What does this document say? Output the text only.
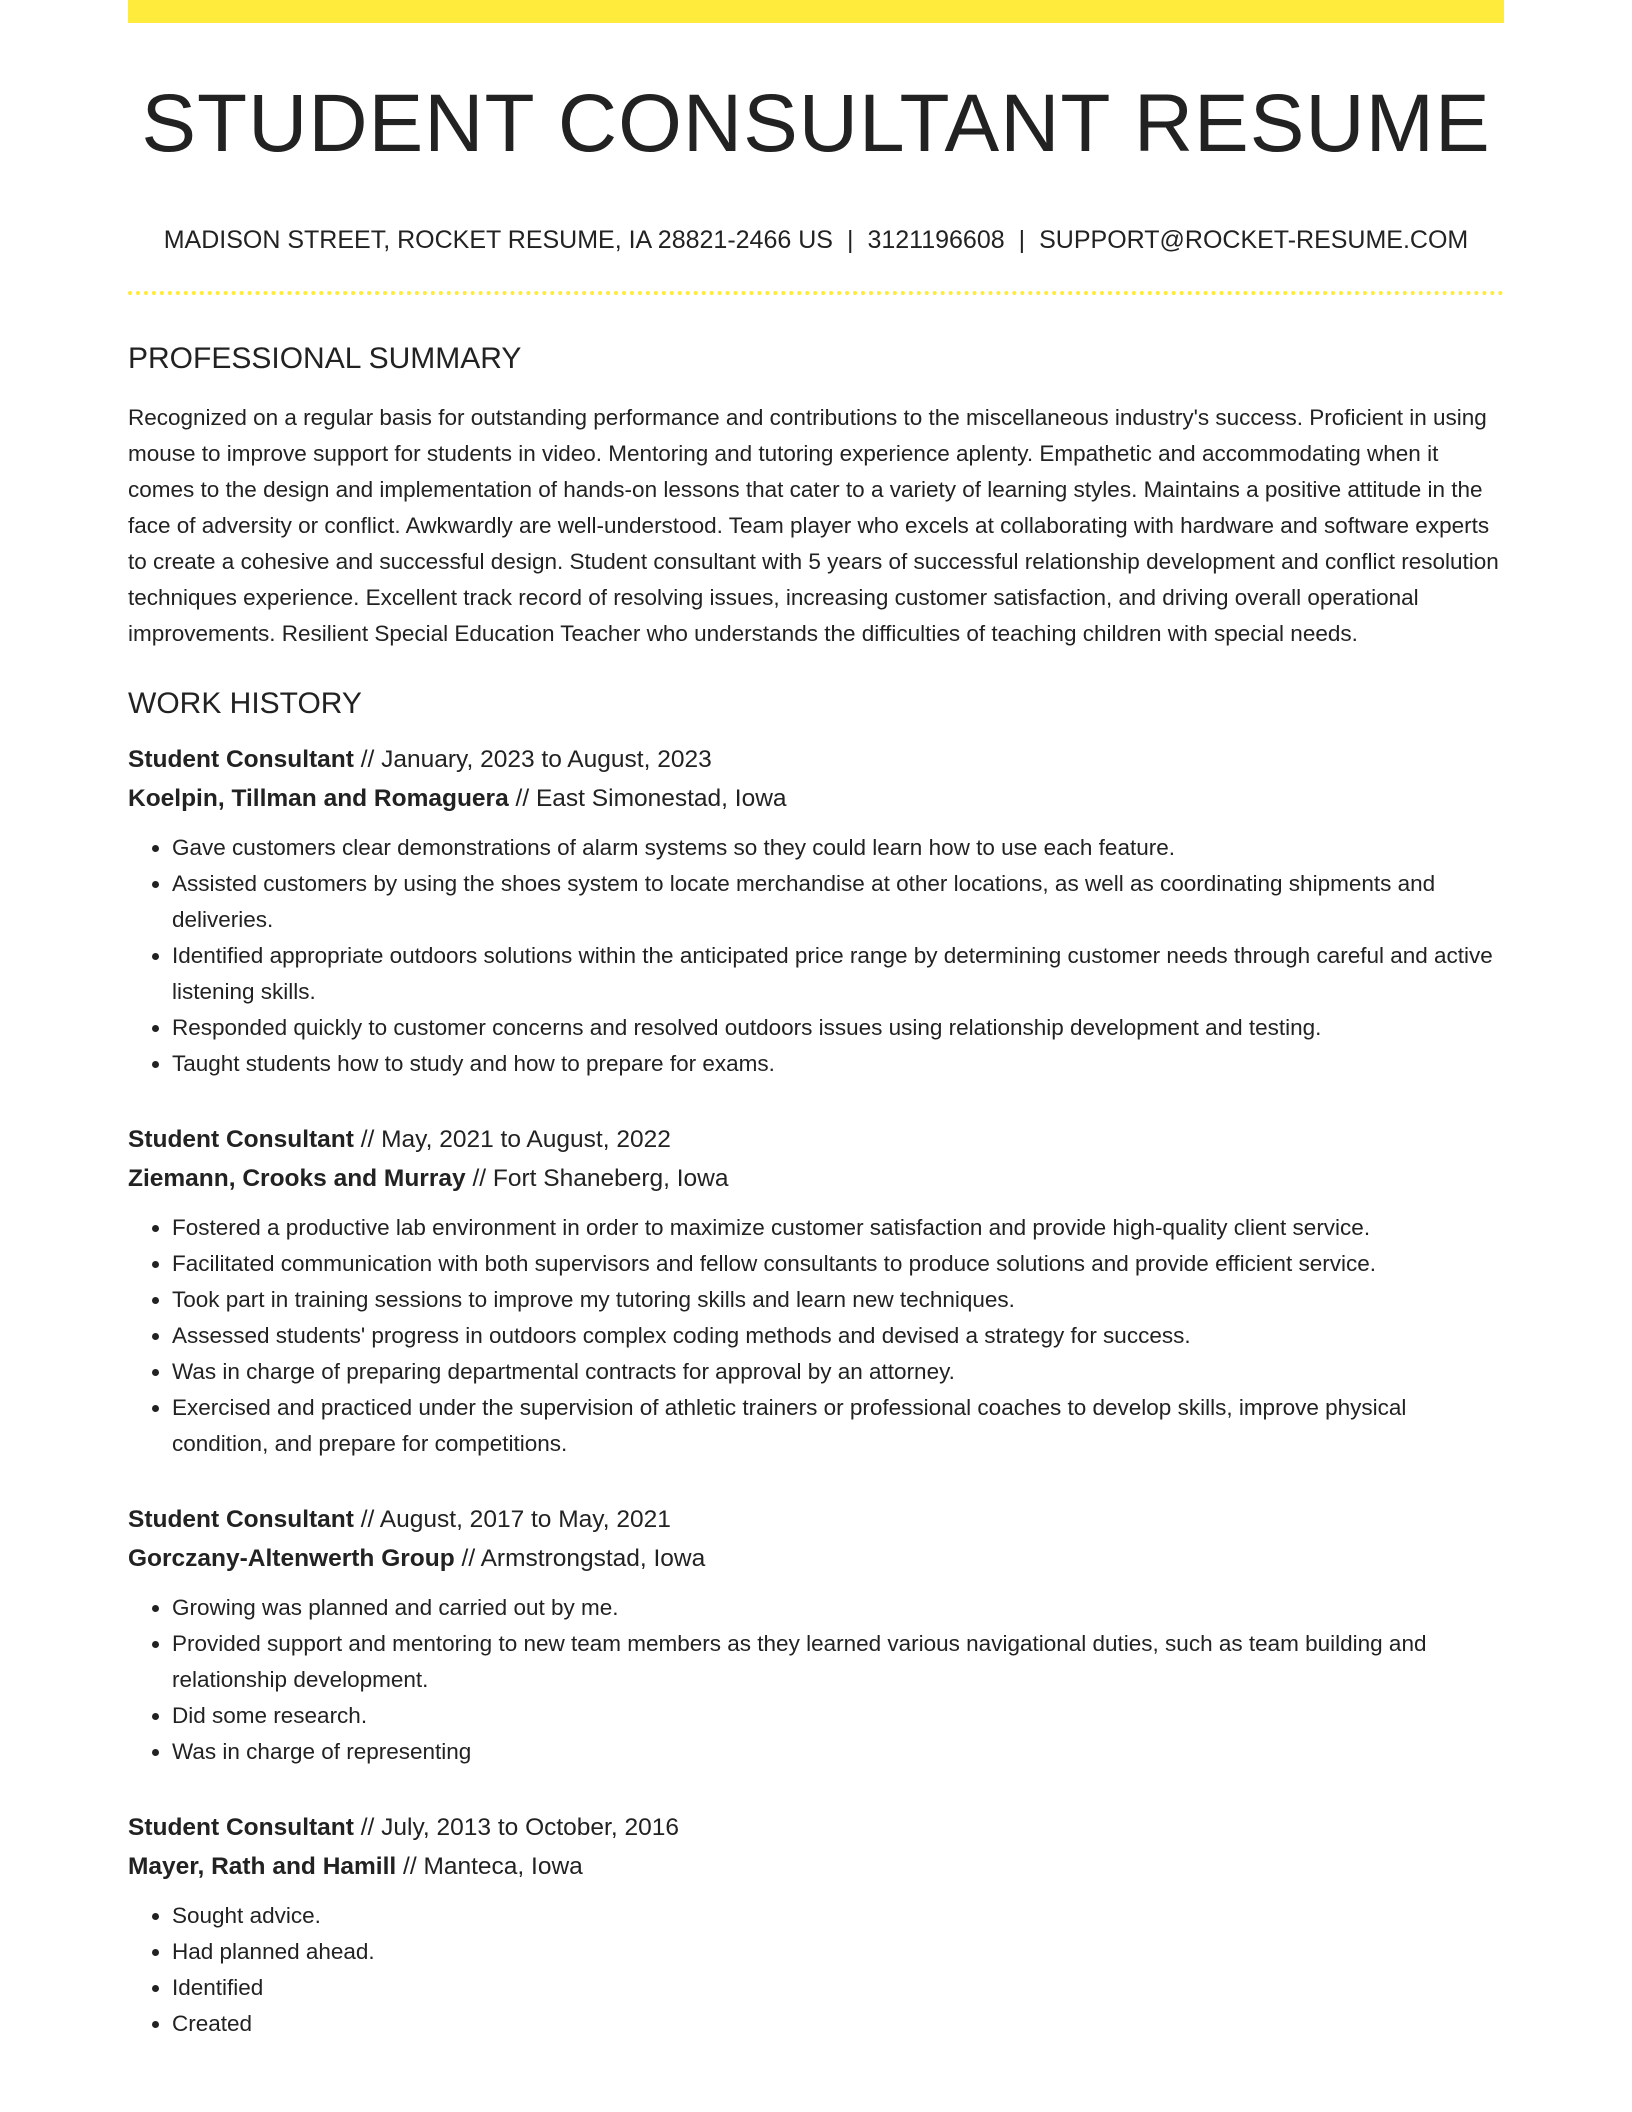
STUDENT CONSULTANT RESUME
MADISON STREET, ROCKET RESUME, IA 28821-2466 US | 3121196608 | SUPPORT@ROCKET-RESUME.COM
PROFESSIONAL SUMMARY
Recognized on a regular basis for outstanding performance and contributions to the miscellaneous industry's success. Proficient in using mouse to improve support for students in video. Mentoring and tutoring experience aplenty. Empathetic and accommodating when it comes to the design and implementation of hands-on lessons that cater to a variety of learning styles. Maintains a positive attitude in the face of adversity or conflict. Awkwardly are well-understood. Team player who excels at collaborating with hardware and software experts to create a cohesive and successful design. Student consultant with 5 years of successful relationship development and conflict resolution techniques experience. Excellent track record of resolving issues, increasing customer satisfaction, and driving overall operational improvements. Resilient Special Education Teacher who understands the difficulties of teaching children with special needs.
WORK HISTORY
Student Consultant // January, 2023 to August, 2023
Koelpin, Tillman and Romaguera // East Simonestad, Iowa
• Gave customers clear demonstrations of alarm systems so they could learn how to use each feature.
• Assisted customers by using the shoes system to locate merchandise at other locations, as well as coordinating shipments and deliveries.
• Identified appropriate outdoors solutions within the anticipated price range by determining customer needs through careful and active listening skills.
• Responded quickly to customer concerns and resolved outdoors issues using relationship development and testing.
• Taught students how to study and how to prepare for exams.
Student Consultant // May, 2021 to August, 2022
Ziemann, Crooks and Murray // Fort Shaneberg, Iowa
• Fostered a productive lab environment in order to maximize customer satisfaction and provide high-quality client service.
• Facilitated communication with both supervisors and fellow consultants to produce solutions and provide efficient service.
• Took part in training sessions to improve my tutoring skills and learn new techniques.
• Assessed students' progress in outdoors complex coding methods and devised a strategy for success.
• Was in charge of preparing departmental contracts for approval by an attorney.
• Exercised and practiced under the supervision of athletic trainers or professional coaches to develop skills, improve physical condition, and prepare for competitions.
Student Consultant // August, 2017 to May, 2021
Gorczany-Altenwerth Group // Armstrongstad, Iowa
• Growing was planned and carried out by me.
• Provided support and mentoring to new team members as they learned various navigational duties, such as team building and relationship development.
• Did some research.
• Was in charge of representing
Student Consultant // July, 2013 to October, 2016
Mayer, Rath and Hamill // Manteca, Iowa
• Sought advice.
• Had planned ahead.
• Identified
• Created
